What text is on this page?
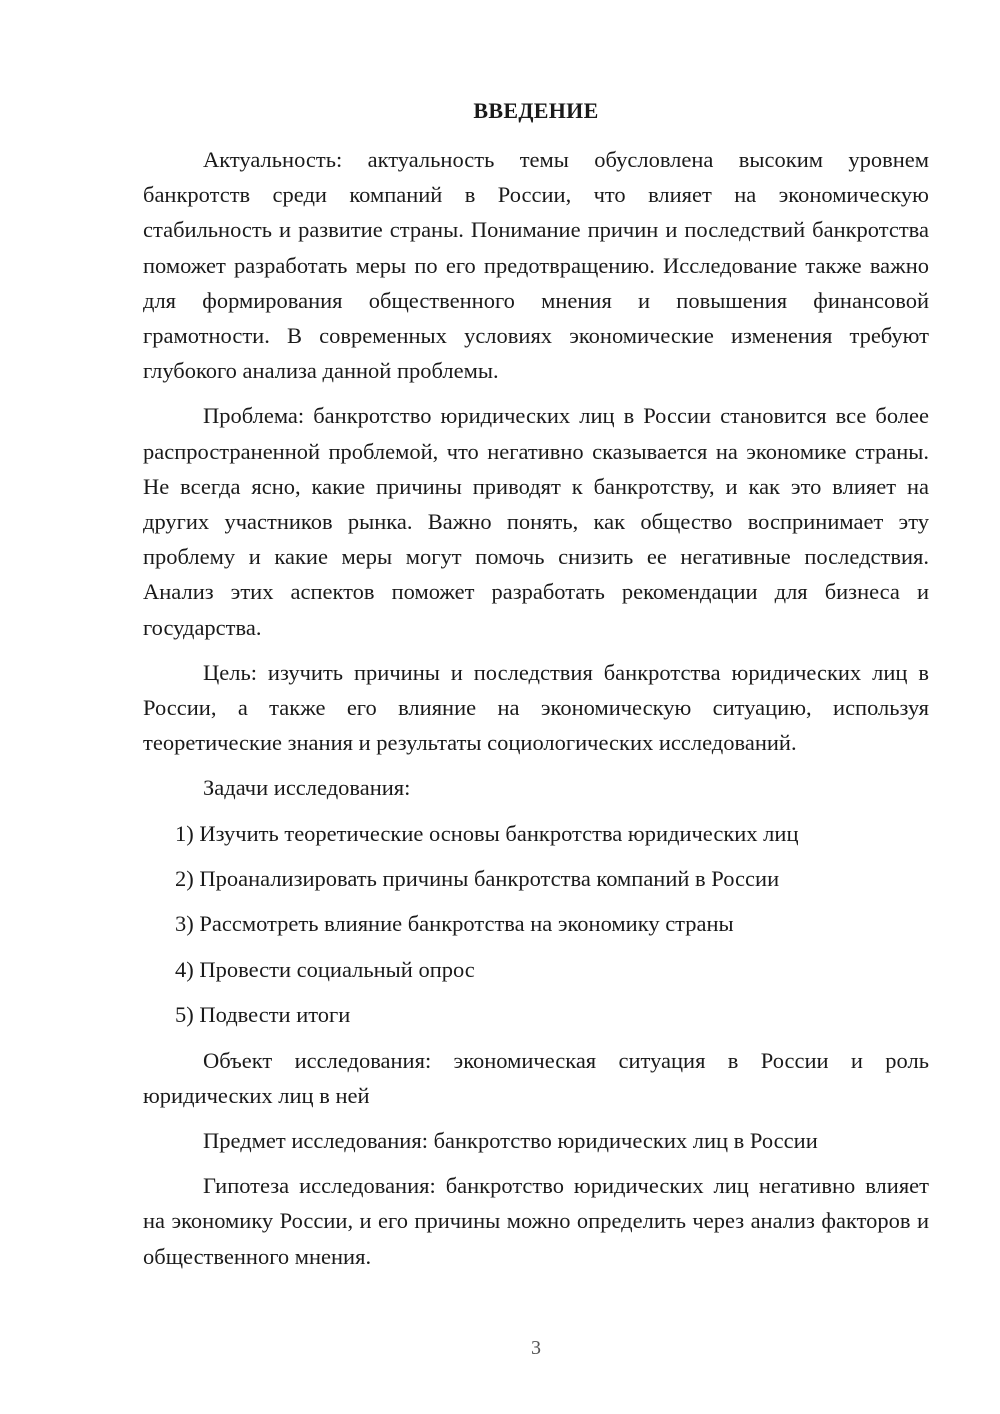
ВВЕДЕНИЕ

Актуальность: актуальность темы обусловлена высоким уровнем банкротств среди компаний в России, что влияет на экономическую стабильность и развитие страны. Понимание причин и последствий банкротства поможет разработать меры по его предотвращению. Исследование также важно для формирования общественного мнения и повышения финансовой грамотности. В современных условиях экономические изменения требуют глубокого анализа данной проблемы.

Проблема: банкротство юридических лиц в России становится все более распространенной проблемой, что негативно сказывается на экономике страны. Не всегда ясно, какие причины приводят к банкротству, и как это влияет на других участников рынка. Важно понять, как общество воспринимает эту проблему и какие меры могут помочь снизить ее негативные последствия. Анализ этих аспектов поможет разработать рекомендации для бизнеса и государства.

Цель: изучить причины и последствия банкротства юридических лиц в России, а также его влияние на экономическую ситуацию, используя теоретические знания и результаты социологических исследований.

Задачи исследования:

1) Изучить теоретические основы банкротства юридических лиц
2) Проанализировать причины банкротства компаний в России
3) Рассмотреть влияние банкротства на экономику страны
4) Провести социальный опрос
5) Подвести итоги

Объект исследования: экономическая ситуация в России и роль юридических лиц в ней

Предмет исследования: банкротство юридических лиц в России

Гипотеза исследования: банкротство юридических лиц негативно влияет на экономику России, и его причины можно определить через анализ факторов и общественного мнения.

3
